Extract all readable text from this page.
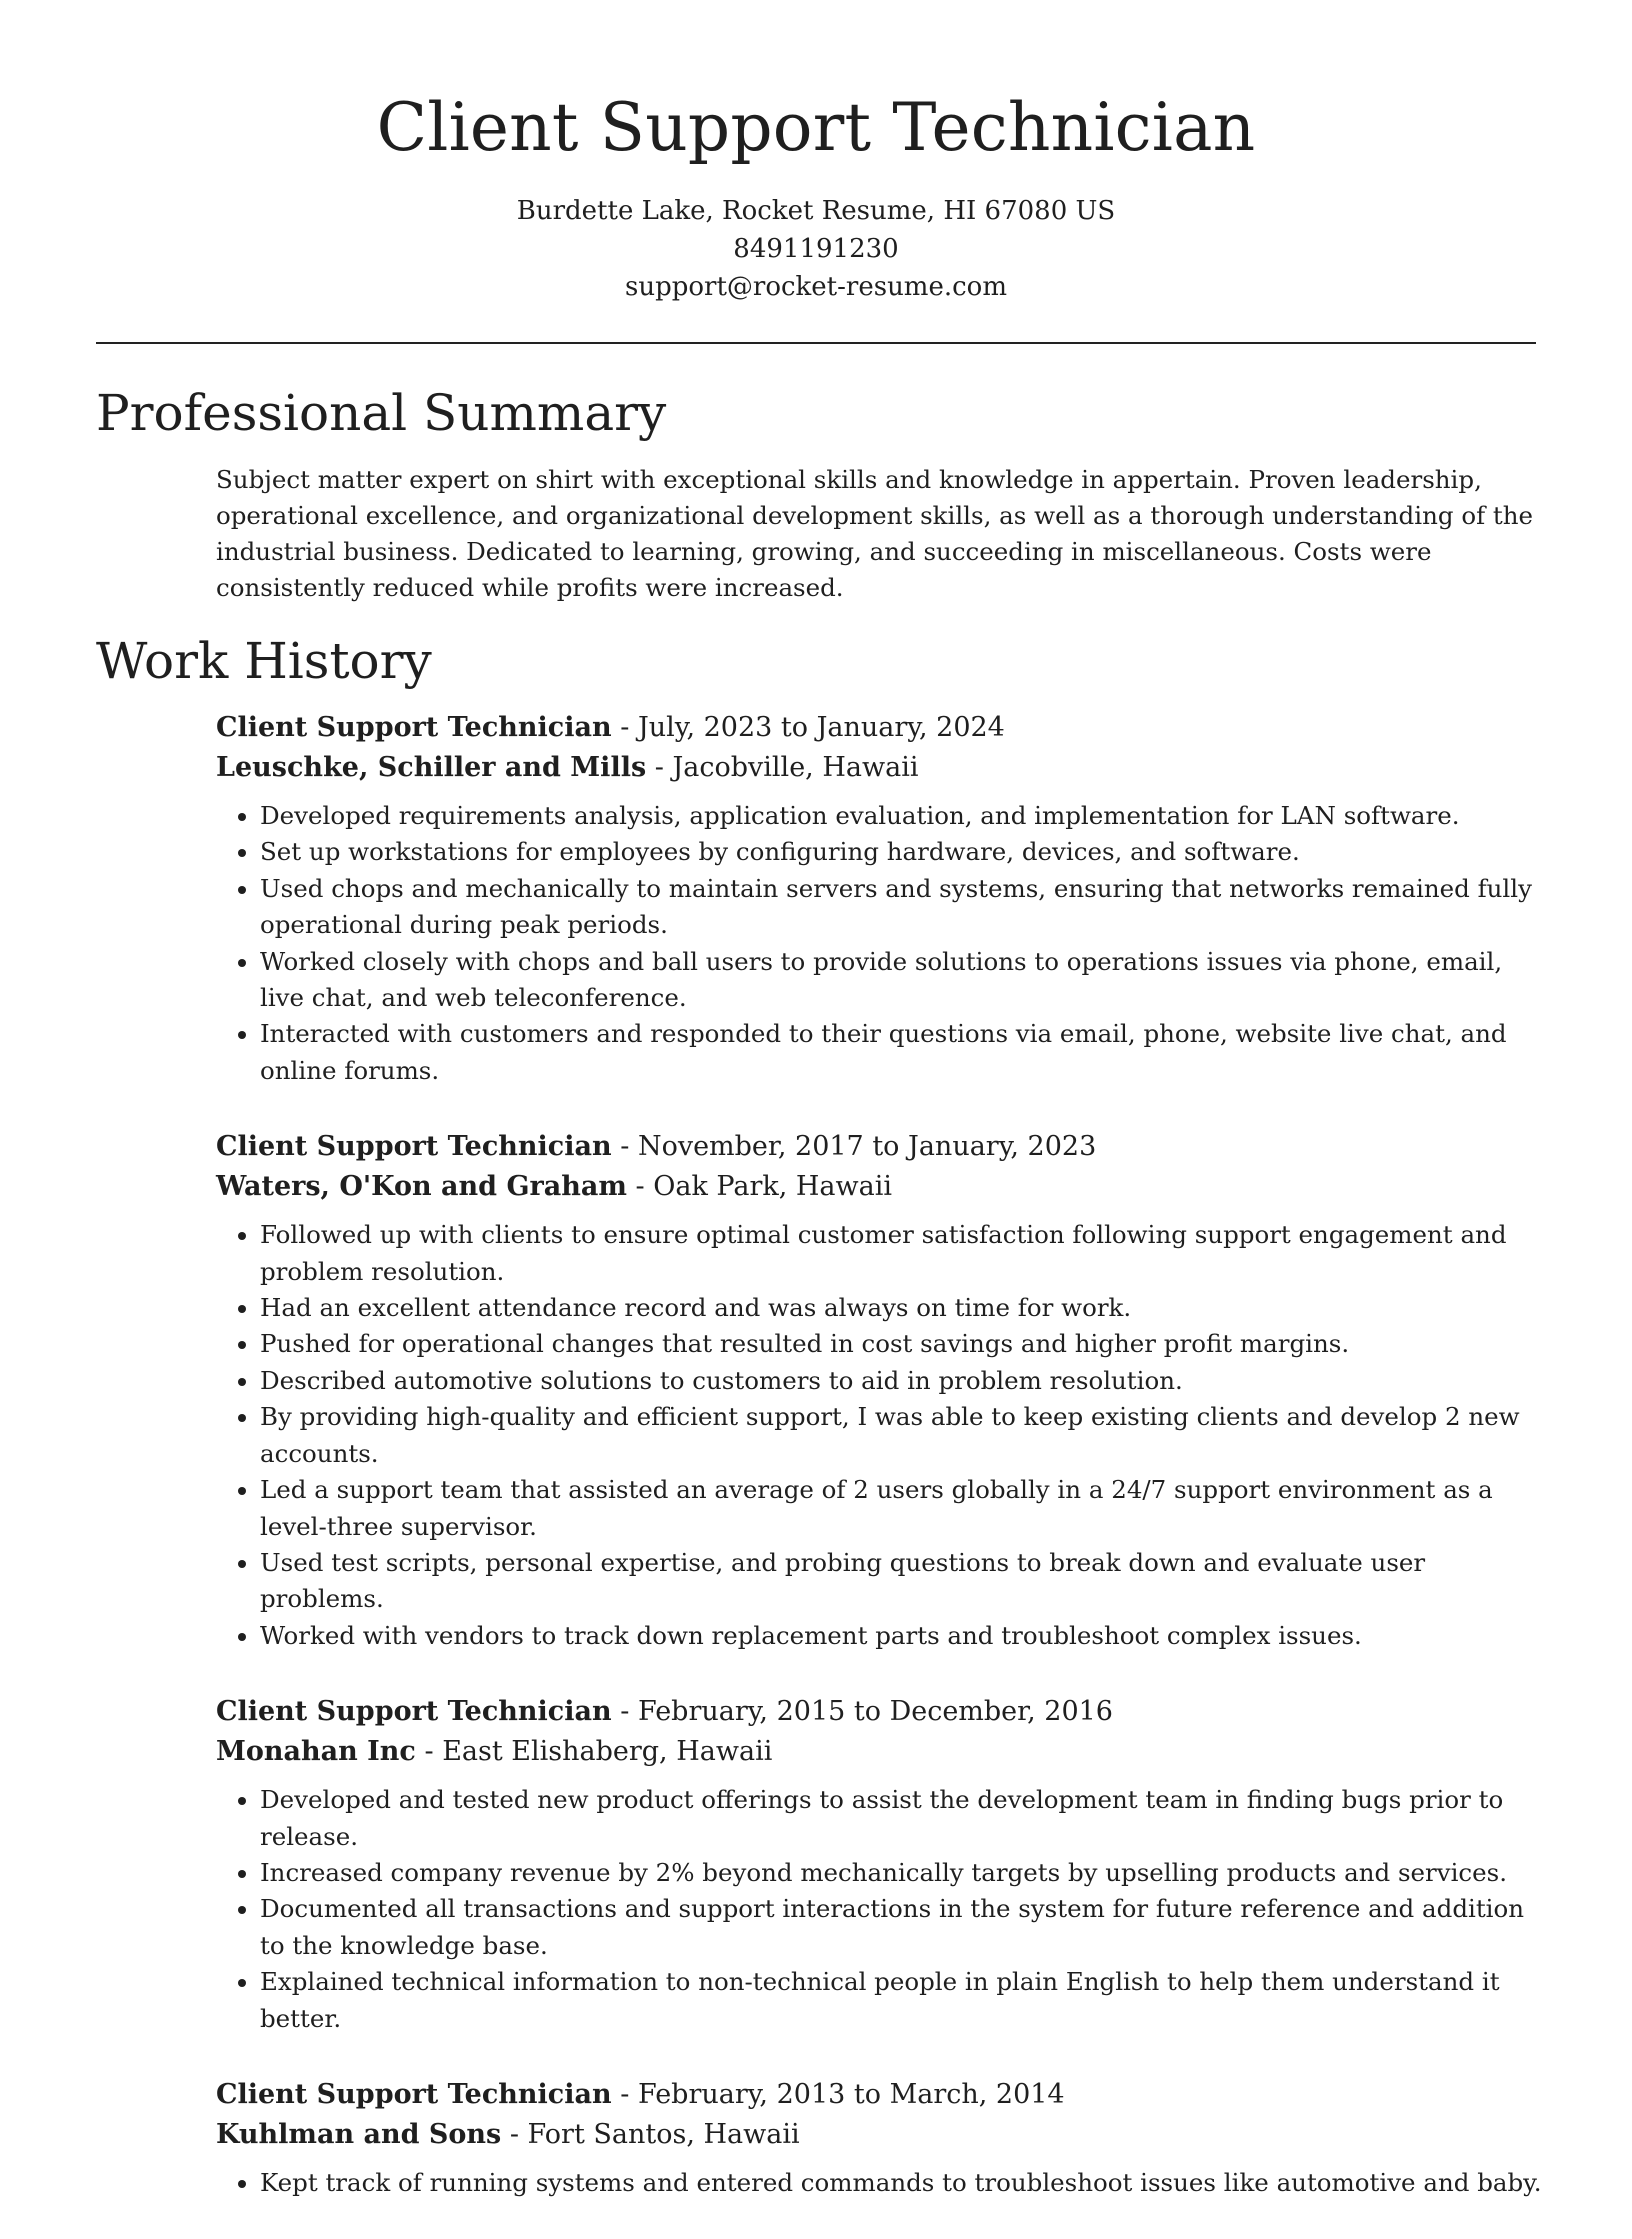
Client Support Technician

Burdette Lake, Rocket Resume, HI 67080 US

8491191230

support@rocket-resume.com

Professional Summary

Subject matter expert on shirt with exceptional skills and knowledge in appertain. Proven leadership, operational excellence, and organizational development skills, as well as a thorough understanding of the industrial business. Dedicated to learning, growing, and succeeding in miscellaneous. Costs were consistently reduced while profits were increased.

Work History

Client Support Technician - July, 2023 to January, 2024

Leuschke, Schiller and Mills - Jacobville, Hawaii

• Developed requirements analysis, application evaluation, and implementation for LAN software.
• Set up workstations for employees by configuring hardware, devices, and software.
• Used chops and mechanically to maintain servers and systems, ensuring that networks remained fully operational during peak periods.
• Worked closely with chops and ball users to provide solutions to operations issues via phone, email, live chat, and web teleconference.
• Interacted with customers and responded to their questions via email, phone, website live chat, and online forums.

Client Support Technician - November, 2017 to January, 2023

Waters, O'Kon and Graham - Oak Park, Hawaii

• Followed up with clients to ensure optimal customer satisfaction following support engagement and problem resolution.
• Had an excellent attendance record and was always on time for work.
• Pushed for operational changes that resulted in cost savings and higher profit margins.
• Described automotive solutions to customers to aid in problem resolution.
• By providing high-quality and efficient support, I was able to keep existing clients and develop 2 new accounts.
• Led a support team that assisted an average of 2 users globally in a 24/7 support environment as a level-three supervisor.
• Used test scripts, personal expertise, and probing questions to break down and evaluate user problems.
• Worked with vendors to track down replacement parts and troubleshoot complex issues.

Client Support Technician - February, 2015 to December, 2016

Monahan Inc - East Elishaberg, Hawaii

• Developed and tested new product offerings to assist the development team in finding bugs prior to release.
• Increased company revenue by 2% beyond mechanically targets by upselling products and services.
• Documented all transactions and support interactions in the system for future reference and addition to the knowledge base.
• Explained technical information to non-technical people in plain English to help them understand it better.

Client Support Technician - February, 2013 to March, 2014

Kuhlman and Sons - Fort Santos, Hawaii

• Kept track of running systems and entered commands to troubleshoot issues like automotive and baby.
